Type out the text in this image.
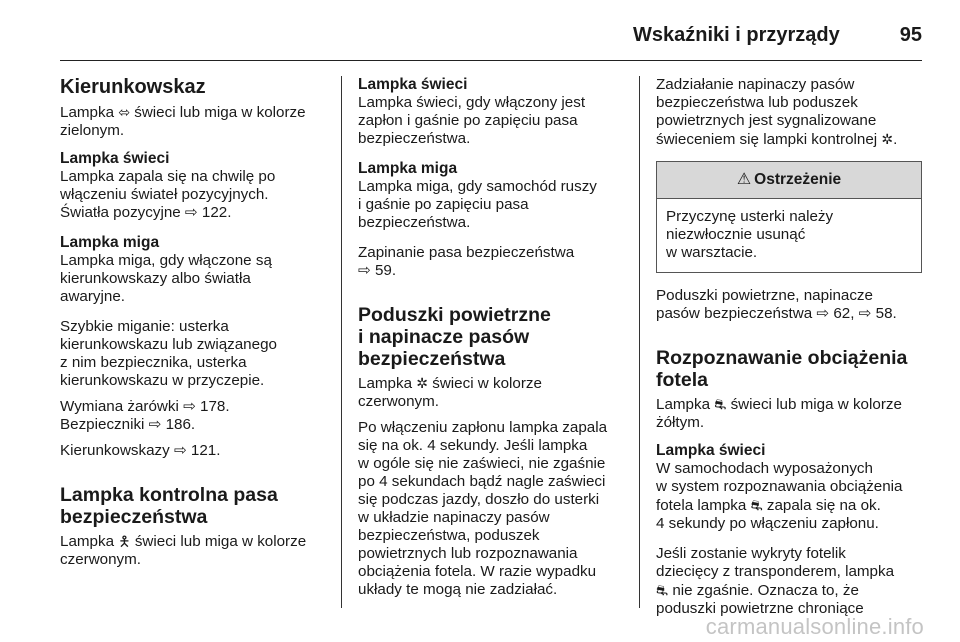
Wskaźniki i przyrządy	95
Kierunkowskaz

Lampka ⬄ świeci lub miga w kolorze zielonym.

Lampka świeci
Lampka zapala się na chwilę po
włączeniu świateł pozycyjnych.
Światła pozycyjne ⇨ 122.
Lampka miga
Lampka miga, gdy włączone są
kierunkowskazy albo światła
awaryjne.

Szybkie miganie: usterka
kierunkowskazu lub związanego
z nim bezpiecznika, usterka
kierunkowskazu w przyczepie.

Wymiana żarówki ⇨ 178.
Bezpieczniki ⇨ 186.

Kierunkowskazy ⇨ 121.

Lampka kontrolna pasa
bezpieczeństwa

Lampka 🯅 świeci lub miga w kolorze
czerwonym.

Lampka świeci
Lampka świeci, gdy włączony jest
zapłon i gaśnie po zapięciu pasa
bezpieczeństwa.
Lampka miga
Lampka miga, gdy samochód ruszy
i gaśnie po zapięciu pasa
bezpieczeństwa.

Zapinanie pasa bezpieczeństwa
⇨ 59.

Poduszki powietrzne
i napinacze pasów
bezpieczeństwa

Lampka ✲ świeci w kolorze
czerwonym.

Po włączeniu zapłonu lampka zapala
się na ok. 4 sekundy. Jeśli lampka
w ogóle się nie zaświeci, nie zgaśnie
po 4 sekundach bądź nagle zaświeci
się podczas jazdy, doszło do usterki
w układzie napinaczy pasów
bezpieczeństwa, poduszek
powietrznych lub rozpoznawania
obciążenia fotela. W razie wypadku
układy te mogą nie zadziałać.

Zadziałanie napinaczy pasów
bezpieczeństwa lub poduszek
powietrznych jest sygnalizowane
świeceniem się lampki kontrolnej ✲.

⚠ Ostrzeżenie
Przyczynę usterki należy
niezwłocznie usunąć
w warsztacie.

Poduszki powietrzne, napinacze
pasów bezpieczeństwa ⇨ 62, ⇨ 58.

Rozpoznawanie obciążenia
fotela

Lampka ⛐ świeci lub miga w kolorze
żółtym.

Lampka świeci
W samochodach wyposażonych
w system rozpoznawania obciążenia
fotela lampka ⛐ zapala się na ok.
4 sekundy po włączeniu zapłonu.

Jeśli zostanie wykryty fotelik
dziecięcy z transponderem, lampka
⛐ nie zgaśnie. Oznacza to, że
poduszki powietrzne chroniące

carmanualsonline.info
